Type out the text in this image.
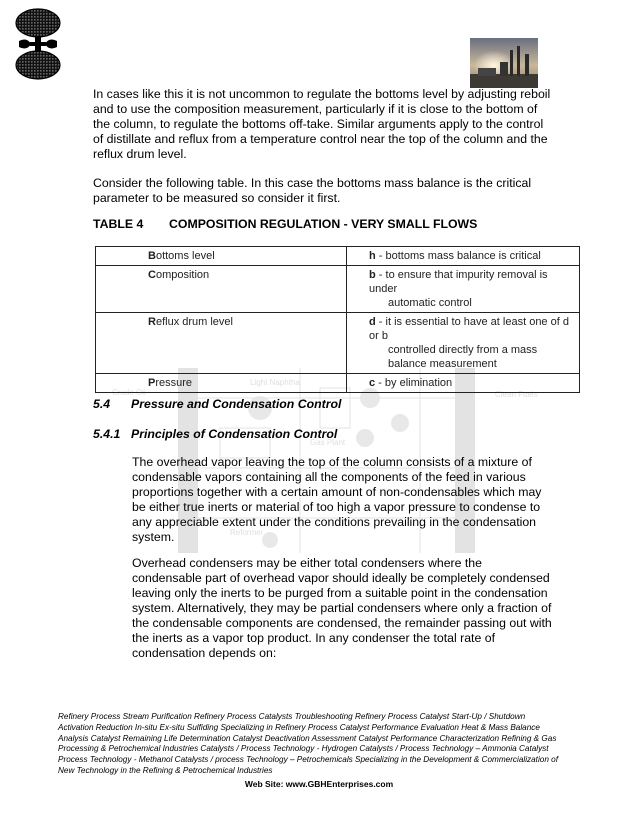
Crude Oil	Clean Fuels
Light Naphtha
Gas Plant
Reformer

In cases like this it is not uncommon to regulate the bottoms level by adjusting reboil and to use the composition measurement, particularly if it is close to the bottom of the column, to regulate the bottoms off-take. Similar arguments apply to the control of distillate and reflux from a temperature control near the top of the column and the reflux drum level.

Consider the following table. In this case the bottoms mass balance is the critical parameter to be measured so consider it first.

TABLE 4 COMPOSITION REGULATION - VERY SMALL FLOWS
Bottoms level	h - bottoms mass balance is critical
Composition	b - to ensure that impurity removal is under
automatic control

Reflux drum level	d - it is essential to have at least one of d or b
controlled directly from a mass balance measurement

Pressure	c - by elimination
5.4 Pressure and Condensation Control
5.4.1 Principles of Condensation Control

The overhead vapor leaving the top of the column consists of a mixture of condensable vapors containing all the components of the feed in various proportions together with a certain amount of non-condensables which may be either true inerts or material of too high a vapor pressure to condense to any appreciable extent under the conditions prevailing in the condensation system.

Overhead condensers may be either total condensers where the condensable part of overhead vapor should ideally be completely condensed leaving only the inerts to be purged from a suitable point in the condensation system. Alternatively, they may be partial condensers where only a fraction of the condensable components are condensed, the remainder passing out with the inerts as a vapor top product. In any condenser the total rate of condensation depends on:

Refinery Process Stream Purification Refinery Process Catalysts Troubleshooting Refinery Process Catalyst Start-Up / Shutdown Activation Reduction In-situ Ex-situ Sulfiding Specializing in Refinery Process Catalyst Performance Evaluation Heat & Mass Balance Analysis Catalyst Remaining Life Determination Catalyst Deactivation Assessment Catalyst Performance Characterization Refining & Gas Processing & Petrochemical Industries Catalysts / Process Technology - Hydrogen Catalysts / Process Technology – Ammonia Catalyst Process Technology - Methanol Catalysts / process Technology – Petrochemicals Specializing in the Development & Commercialization of New Technology in the Refining & Petrochemical Industries

Web Site: www.GBHEnterprises.com
